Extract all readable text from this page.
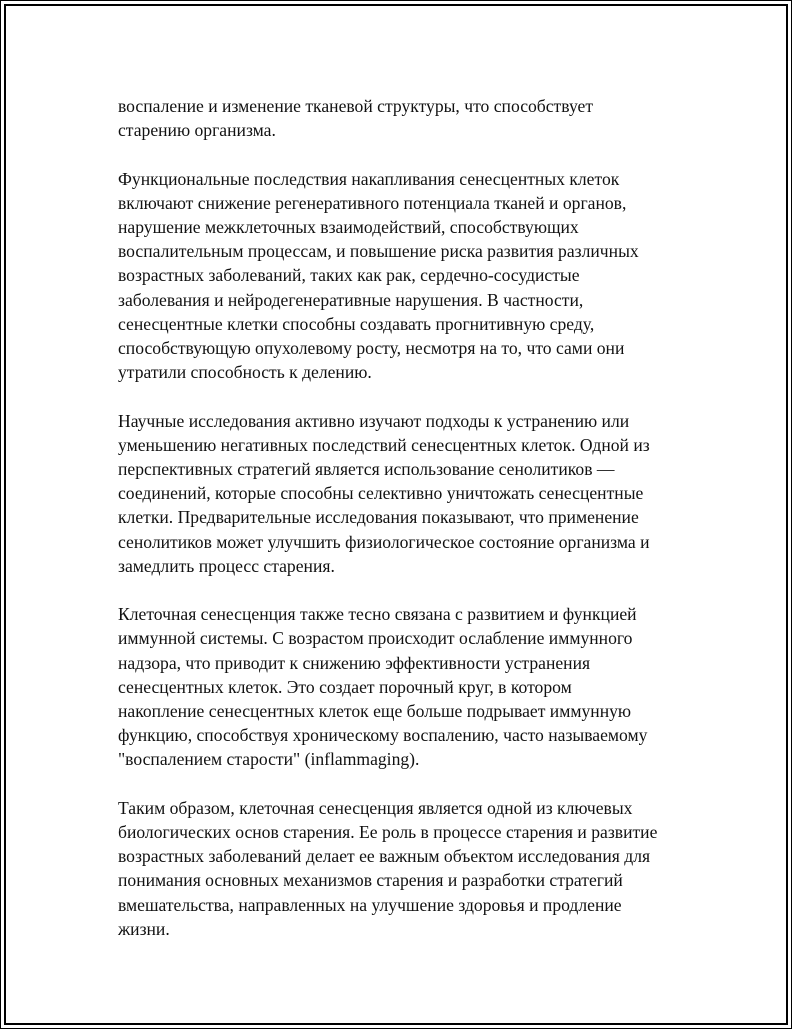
воспаление и изменение тканевой структуры, что способствует
старению организма.

Функциональные последствия накапливания сенесцентных клеток
включают снижение регенеративного потенциала тканей и органов,
нарушение межклеточных взаимодействий, способствующих
воспалительным процессам, и повышение риска развития различных
возрастных заболеваний, таких как рак, сердечно-сосудистые
заболевания и нейродегенеративные нарушения. В частности,
сенесцентные клетки способны создавать прогнитивную среду,
способствующую опухолевому росту, несмотря на то, что сами они
утратили способность к делению.

Научные исследования активно изучают подходы к устранению или
уменьшению негативных последствий сенесцентных клеток. Одной из
перспективных стратегий является использование сенолитиков —
соединений, которые способны селективно уничтожать сенесцентные
клетки. Предварительные исследования показывают, что применение
сенолитиков может улучшить физиологическое состояние организма и
замедлить процесс старения.

Клеточная сенесценция также тесно связана с развитием и функцией
иммунной системы. С возрастом происходит ослабление иммунного
надзора, что приводит к снижению эффективности устранения
сенесцентных клеток. Это создает порочный круг, в котором
накопление сенесцентных клеток еще больше подрывает иммунную
функцию, способствуя хроническому воспалению, часто называемому
"воспалением старости" (inflammaging).

Таким образом, клеточная сенесценция является одной из ключевых
биологических основ старения. Ее роль в процессе старения и развитие
возрастных заболеваний делает ее важным объектом исследования для
понимания основных механизмов старения и разработки стратегий
вмешательства, направленных на улучшение здоровья и продление
жизни.
